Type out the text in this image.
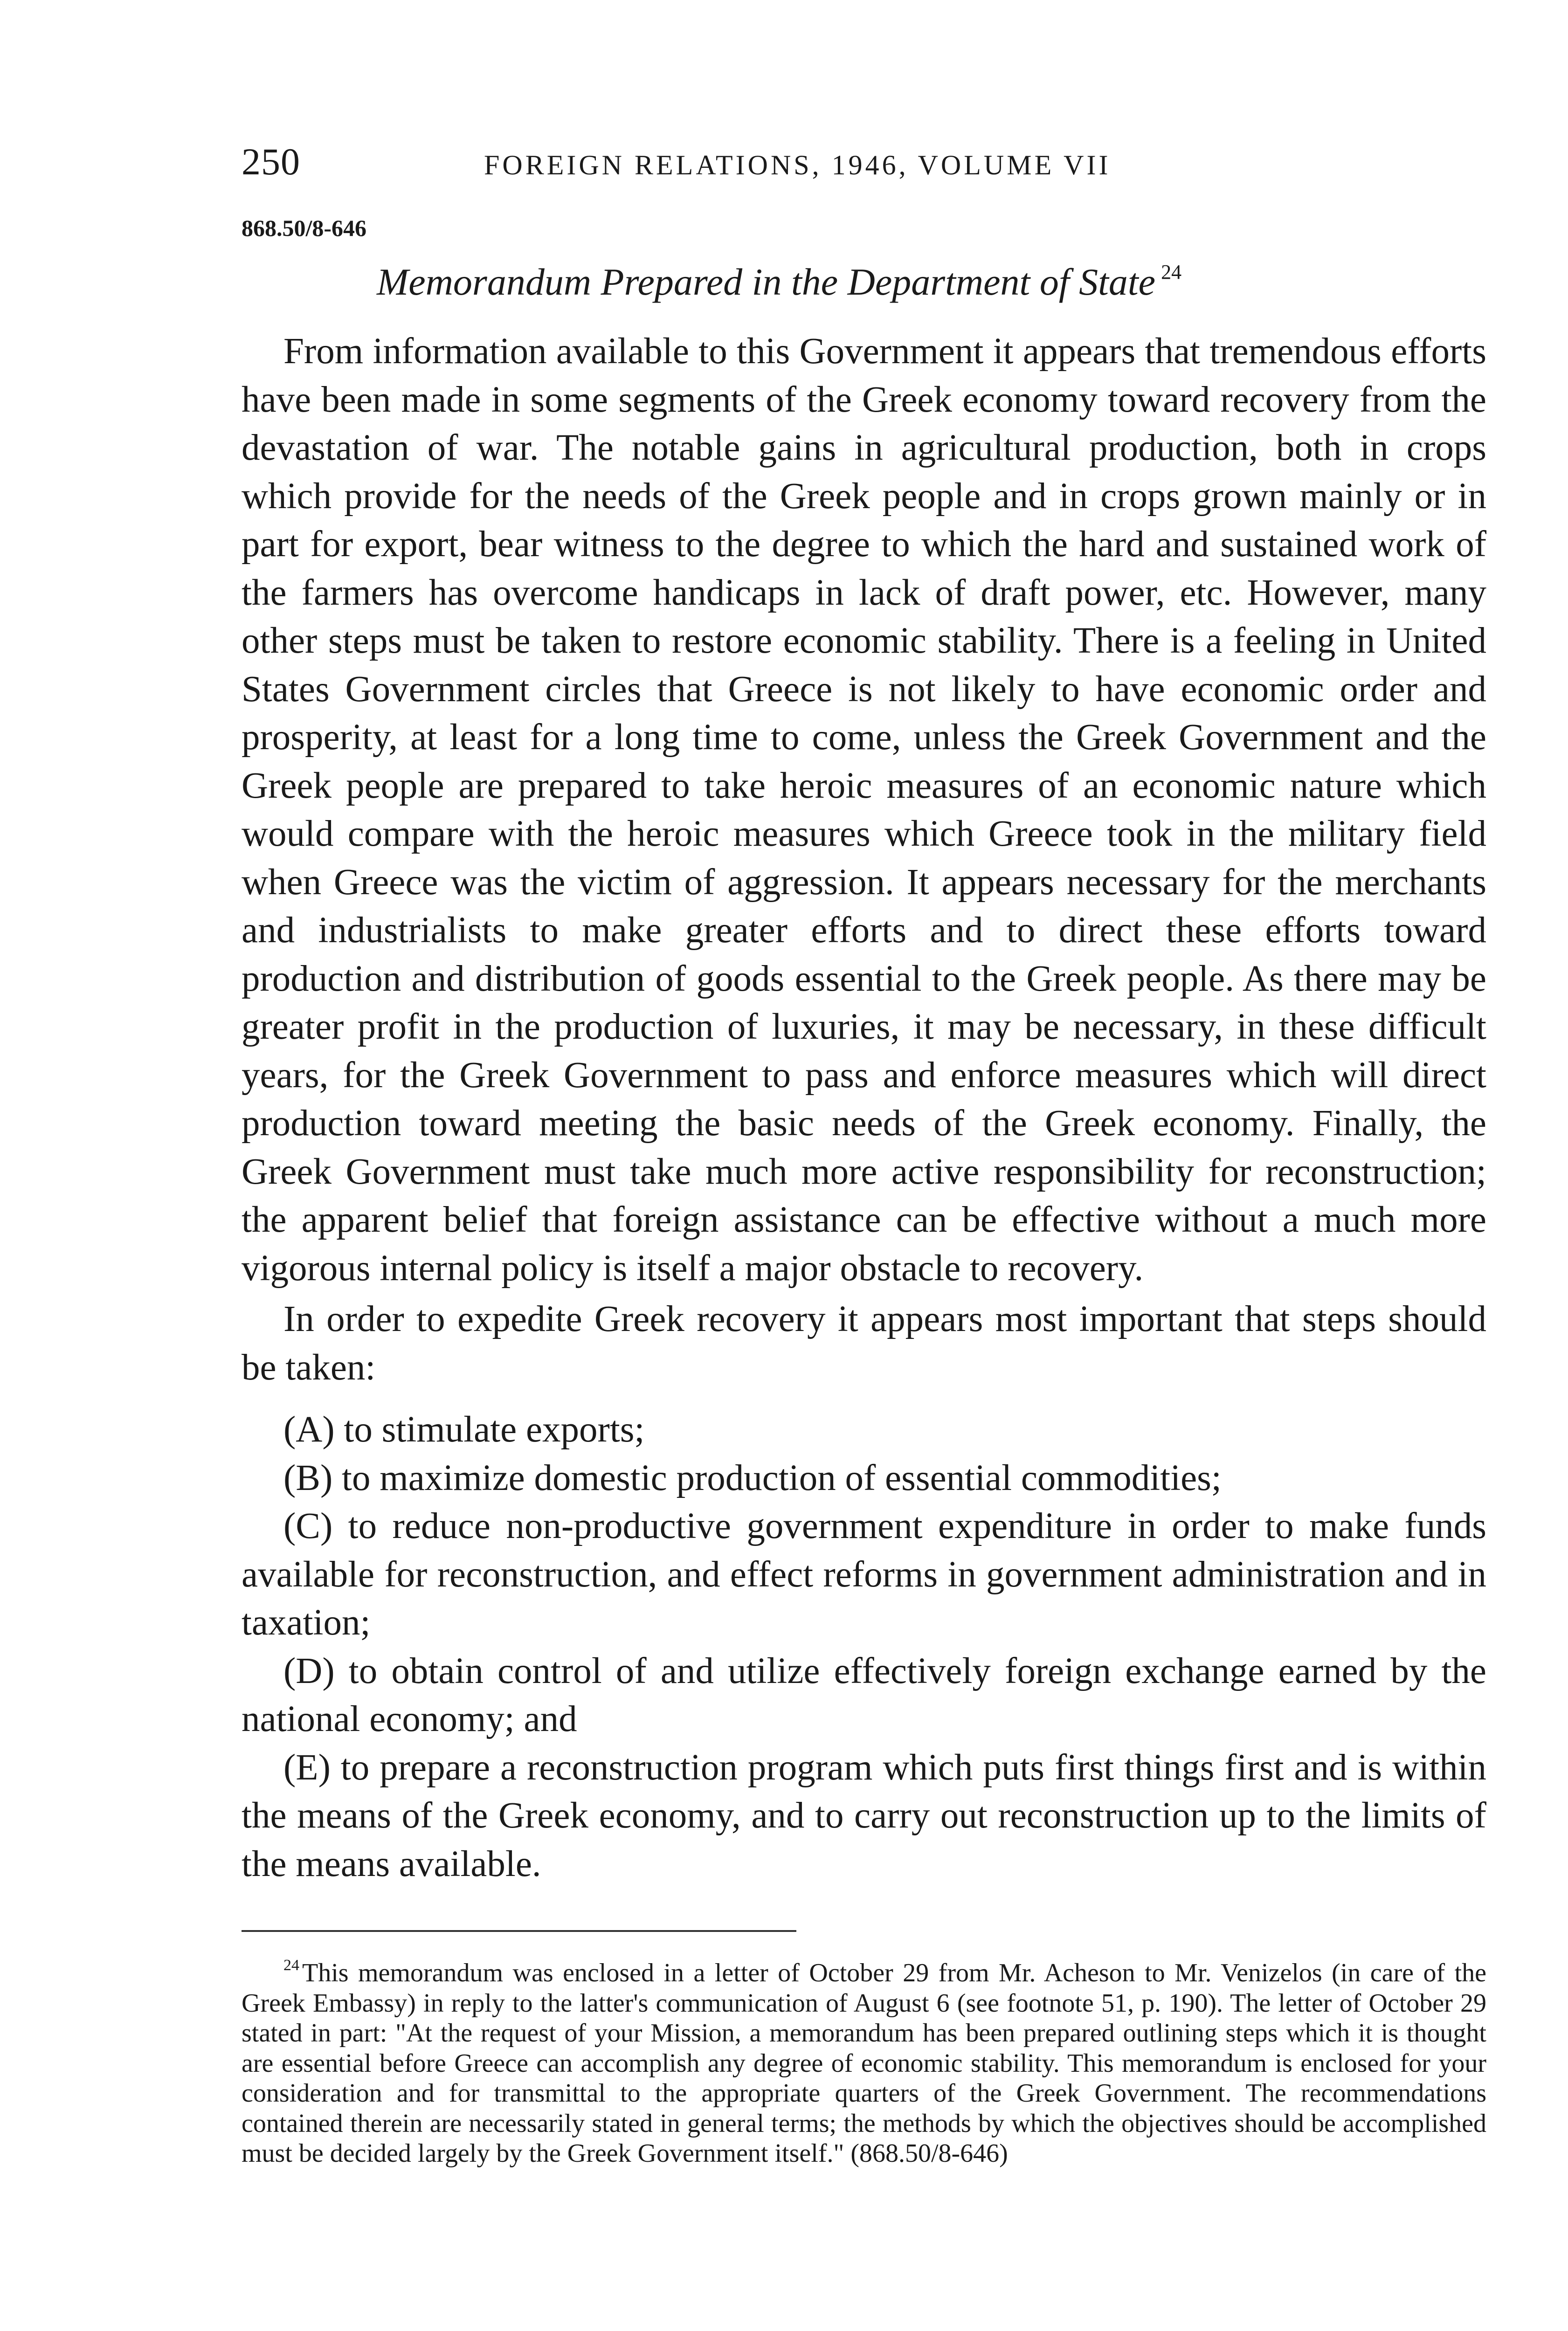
250	FOREIGN RELATIONS, 1946, VOLUME VII
868.50/8-646
Memorandum Prepared in the Department of State $^{24}$

From information available to this Government it appears that tremendous efforts have been made in some segments of the Greek economy toward recovery from the devastation of war. The notable gains in agricultural production, both in crops which provide for the needs of the Greek people and in crops grown mainly or in part for export, bear witness to the degree to which the hard and sustained work of the farmers has overcome handicaps in lack of draft power, etc. However, many other steps must be taken to restore economic stability. There is a feeling in United States Government circles that Greece is not likely to have economic order and prosperity, at least for a long time to come, unless the Greek Government and the Greek people are prepared to take heroic measures of an economic nature which would compare with the heroic measures which Greece took in the military field when Greece was the victim of aggression. It appears necessary for the merchants and industrialists to make greater efforts and to direct these efforts toward production and distribution of goods essential to the Greek people. As there may be greater profit in the production of luxuries, it may be necessary, in these difficult years, for the Greek Government to pass and enforce measures which will direct production toward meeting the basic needs of the Greek economy. Finally, the Greek Government must take much more active responsibility for reconstruction; the apparent belief that foreign assistance can be effective without a much more vigorous internal policy is itself a major obstacle to recovery.

In order to expedite Greek recovery it appears most important that steps should be taken:

(A) to stimulate exports;

(B) to maximize domestic production of essential commodities;

(C) to reduce non-productive government expenditure in order to make funds available for reconstruction, and effect reforms in government administration and in taxation;

(D) to obtain control of and utilize effectively foreign exchange earned by the national economy; and

(E) to prepare a reconstruction program which puts first things first and is within the means of the Greek economy, and to carry out reconstruction up to the limits of the means available.

$^{24}$ This memorandum was enclosed in a letter of October 29 from Mr. Acheson to Mr. Venizelos (in care of the Greek Embassy) in reply to the latter's communication of August 6 (see footnote 51, p. 190). The letter of October 29 stated in part: "At the request of your Mission, a memorandum has been prepared outlining steps which it is thought are essential before Greece can accomplish any degree of economic stability. This memorandum is enclosed for your consideration and for transmittal to the appropriate quarters of the Greek Government. The recommendations contained therein are necessarily stated in general terms; the methods by which the objectives should be accomplished must be decided largely by the Greek Government itself." (868.50/8-646)
